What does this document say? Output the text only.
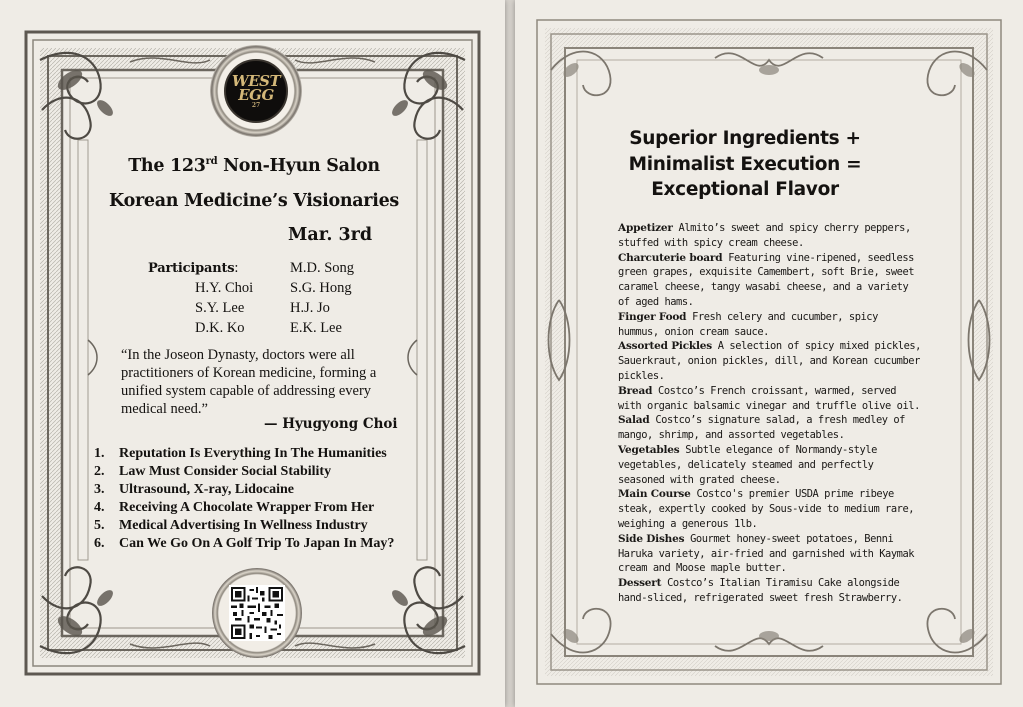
WEST
EGG
27
The 123rd Non-Hyun Salon
Korean Medicine’s Visionaries
Mar. 3rd
Participants:
H.Y. Choi
S.Y. Lee
D.K. Ko
M.D. Song
S.G. Hong
H.J. Jo
E.K. Lee
“In the Joseon Dynasty, doctors were all practitioners of Korean medicine, forming a unified system capable of addressing every medical need.”
— Hyugyong Choi
1. Reputation Is Everything In The Humanities
2. Law Must Consider Social Stability
3. Ultrasound, X-ray, Lidocaine
4. Receiving A Chocolate Wrapper From Her
5. Medical Advertising In Wellness Industry
6. Can We Go On A Golf Trip To Japan In May?
Superior Ingredients +
Minimalist Execution =
Exceptional Flavor

Appetizer Almito’s sweet and spicy cherry peppers, stuffed with spicy cream cheese.

Charcuterie board Featuring vine-ripened, seedless green grapes, exquisite Camembert, soft Brie, sweet caramel cheese, tangy wasabi cheese, and a variety of aged hams.

Finger Food Fresh celery and cucumber, spicy hummus, onion cream sauce.

Assorted Pickles A selection of spicy mixed pickles, Sauerkraut, onion pickles, dill, and Korean cucumber pickles.

Bread Costco’s French croissant, warmed, served with organic balsamic vinegar and truffle olive oil.

Salad Costco’s signature salad, a fresh medley of mango, shrimp, and assorted vegetables.

Vegetables Subtle elegance of Normandy-style vegetables, delicately steamed and perfectly seasoned with grated cheese.

Main Course Costco's premier USDA prime ribeye steak, expertly cooked by Sous-vide to medium rare, weighing a generous 1lb.

Side Dishes Gourmet honey-sweet potatoes, Benni Haruka variety, air-fried and garnished with Kaymak cream and Moose maple butter.

Dessert Costco’s Italian Tiramisu Cake alongside hand-sliced, refrigerated sweet fresh Strawberry.
